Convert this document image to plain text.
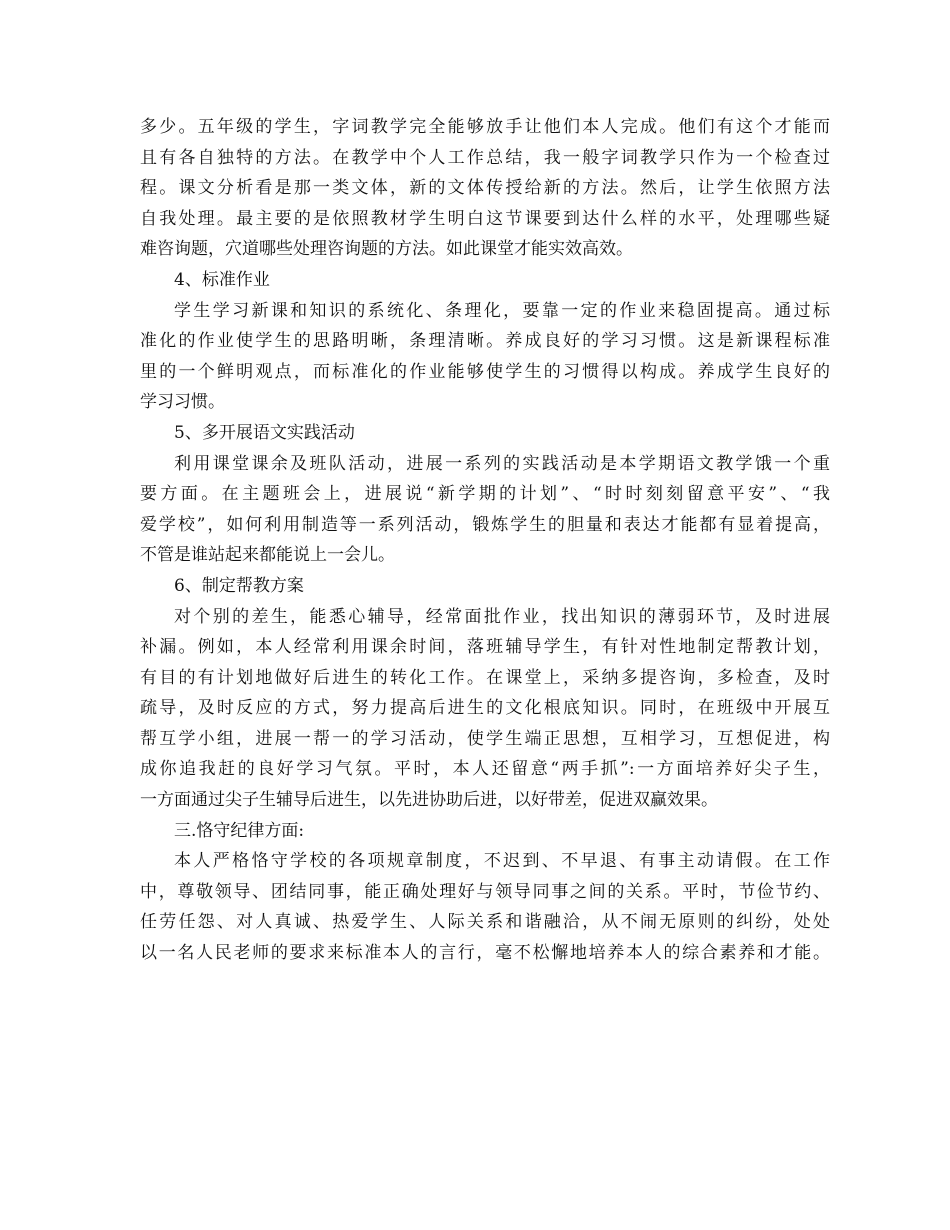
多少。五年级的学生，字词教学完全能够放手让他们本人完成。他们有这个才能而
且有各自独特的方法。在教学中个人工作总结，我一般字词教学只作为一个检查过
程。课文分析看是那一类文体，新的文体传授给新的方法。然后，让学生依照方法
自我处理。最主要的是依照教材学生明白这节课要到达什么样的水平，处理哪些疑
难咨询题，穴道哪些处理咨询题的方法。如此课堂才能实效高效。
4、标准作业
学生学习新课和知识的系统化、条理化，要靠一定的作业来稳固提高。通过标
准化的作业使学生的思路明晰，条理清晰。养成良好的学习习惯。这是新课程标准
里的一个鲜明观点，而标准化的作业能够使学生的习惯得以构成。养成学生良好的
学习习惯。
5、多开展语文实践活动
利用课堂课余及班队活动，进展一系列的实践活动是本学期语文教学饿一个重
要方面。在主题班会上，进展说“新学期的计划”、“时时刻刻留意平安”、“我
爱学校”，如何利用制造等一系列活动，锻炼学生的胆量和表达才能都有显着提高，
不管是谁站起来都能说上一会儿。
6、制定帮教方案
对个别的差生，能悉心辅导，经常面批作业，找出知识的薄弱环节，及时进展
补漏。例如，本人经常利用课余时间，落班辅导学生，有针对性地制定帮教计划，
有目的有计划地做好后进生的转化工作。在课堂上，采纳多提咨询，多检查，及时
疏导，及时反应的方式，努力提高后进生的文化根底知识。同时，在班级中开展互
帮互学小组，进展一帮一的学习活动，使学生端正思想，互相学习，互想促进，构
成你追我赶的良好学习气氛。平时，本人还留意“两手抓”:一方面培养好尖子生，
一方面通过尖子生辅导后进生，以先进协助后进，以好带差，促进双赢效果。
三.恪守纪律方面:
本人严格恪守学校的各项规章制度，不迟到、不早退、有事主动请假。在工作
中，尊敬领导、团结同事，能正确处理好与领导同事之间的关系。平时，节俭节约、
任劳任怨、对人真诚、热爱学生、人际关系和谐融洽，从不闹无原则的纠纷，处处
以一名人民老师的要求来标准本人的言行，毫不松懈地培养本人的综合素养和才能。
